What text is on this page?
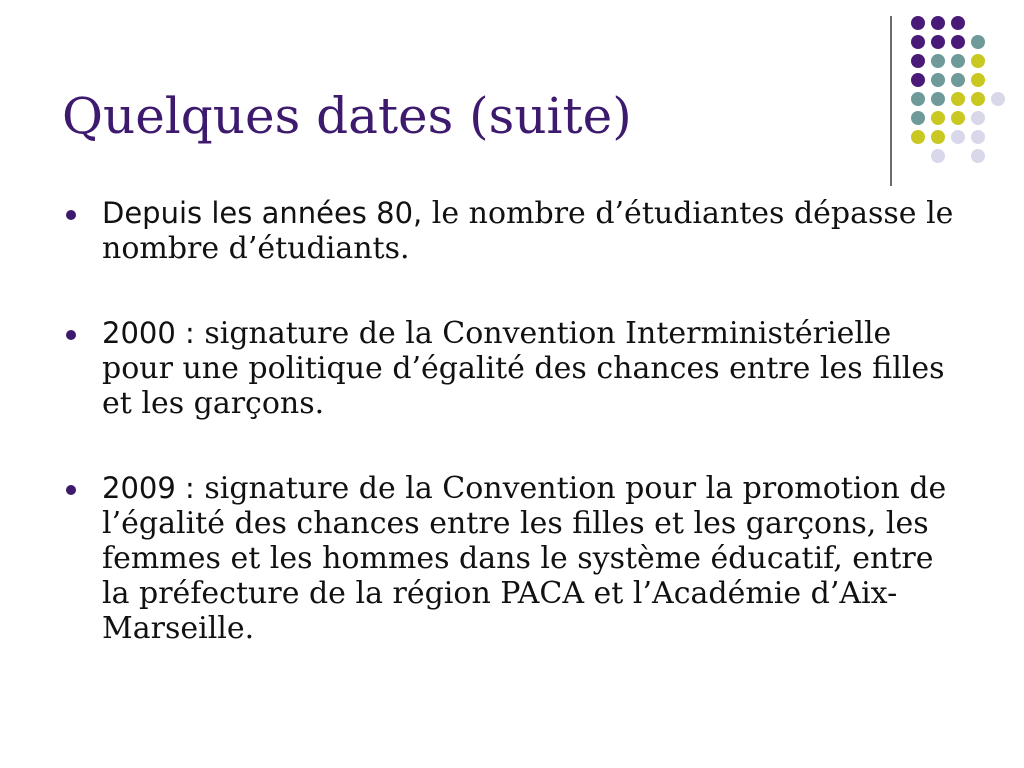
Quelques dates (suite)
Depuis les années 80, le nombre d’étudiantes dépasse le nombre d’étudiants.
2000 : signature de la Convention Interministérielle pour une politique d’égalité des chances entre les filles et les garçons.
2009 : signature de la Convention pour la promotion de l’égalité des chances entre les filles et les garçons, les femmes et les hommes dans le système éducatif, entre la préfecture de la région PACA et l’Académie d’Aix-Marseille.
